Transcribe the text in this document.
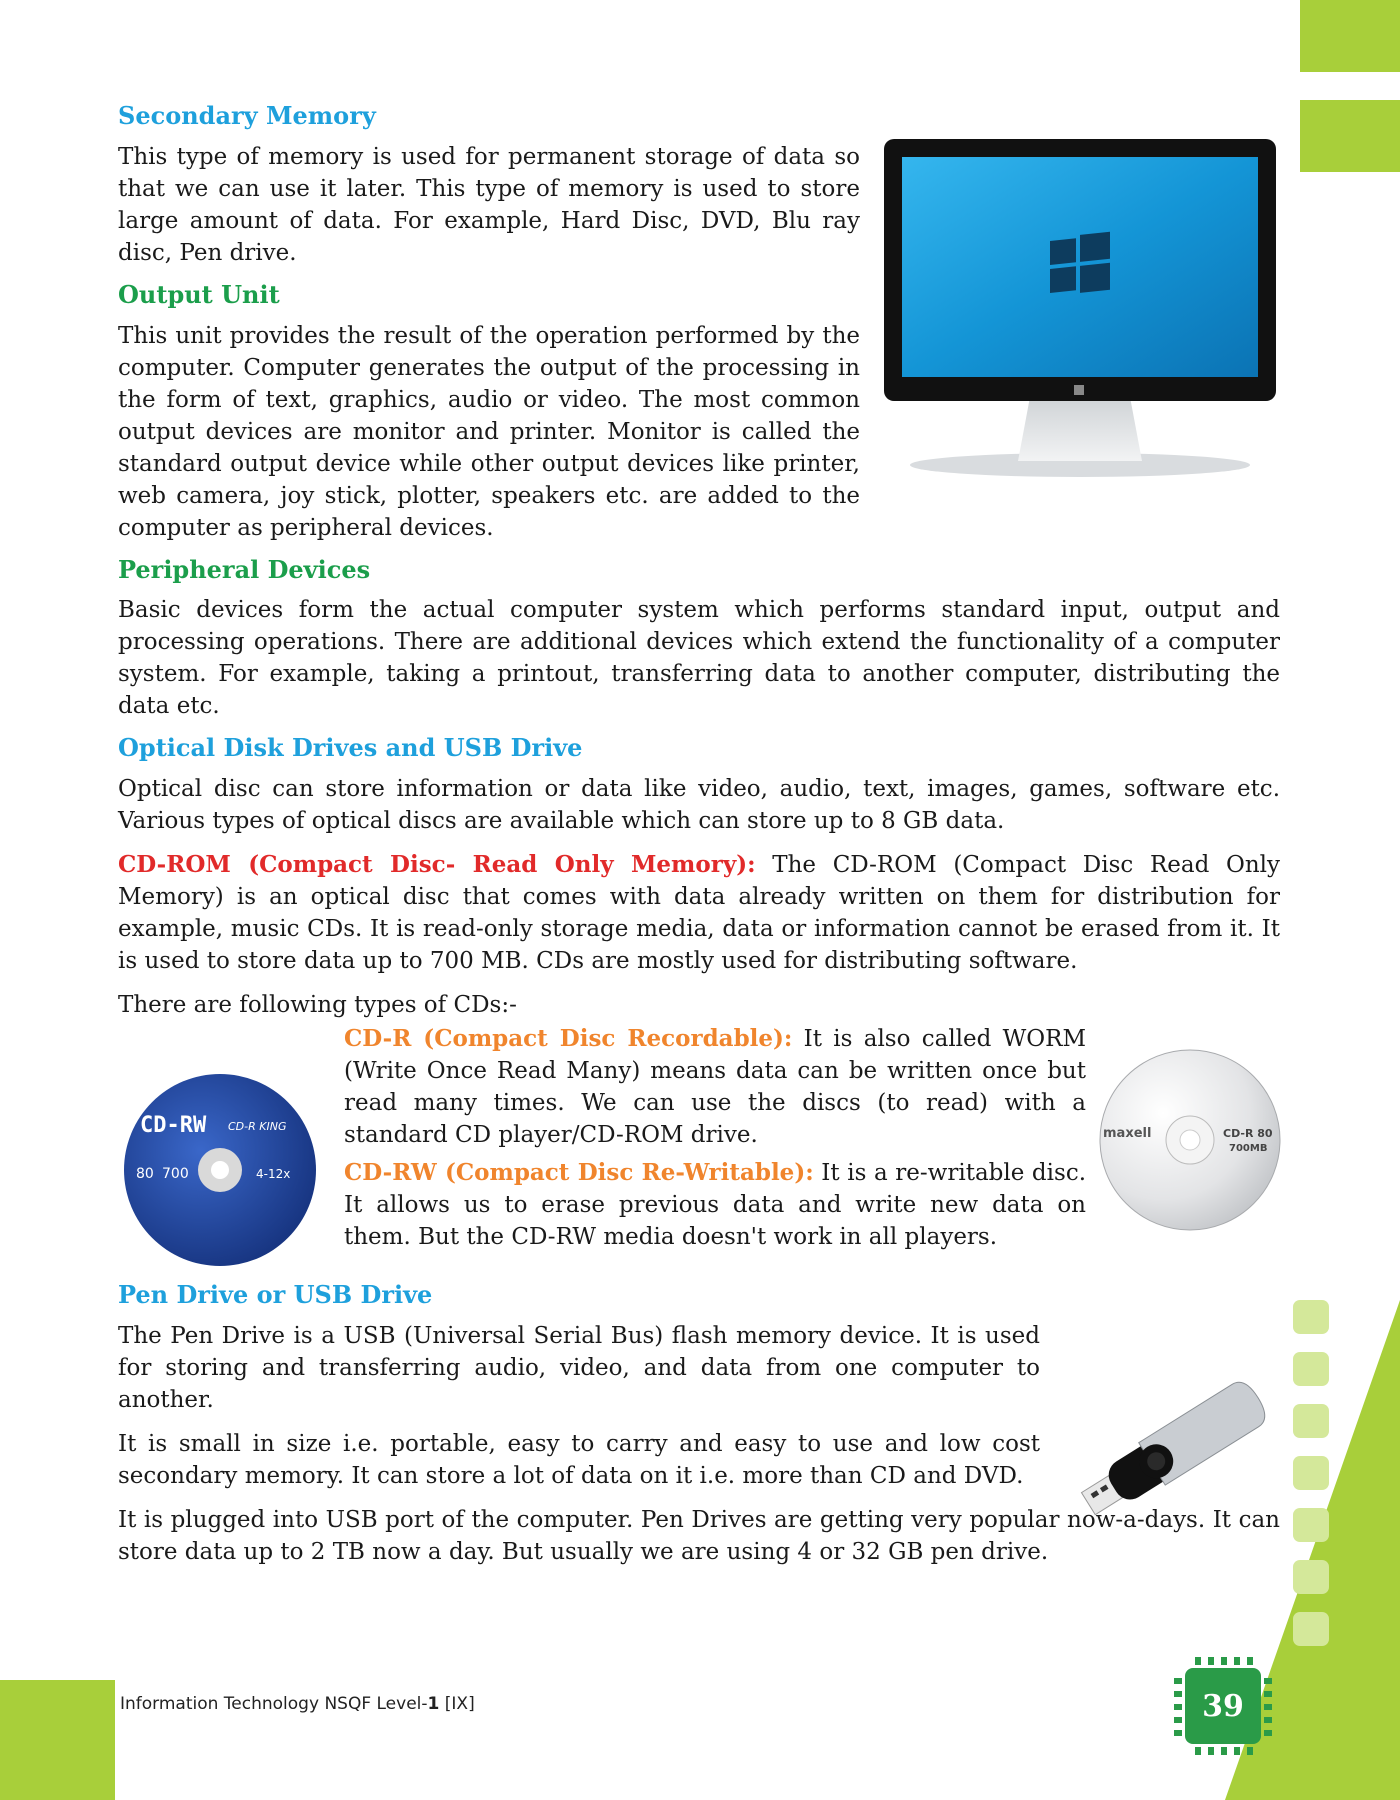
CD-RW CD-R KING
80 700	4-12x
maxell	CD-R 80
700MB
39
Secondary Memory

This type of memory is used for permanent storage of data so that we can use it later. This type of memory is used to store large amount of data. For example, Hard Disc, DVD, Blu ray disc, Pen drive.

Output Unit

This unit provides the result of the operation performed by the computer. Computer generates the output of the processing in the form of text, graphics, audio or video. The most common output devices are monitor and printer. Monitor is called the standard output device while other output devices like printer, web camera, joy stick, plotter, speakers etc. are added to the computer as peripheral devices.

Peripheral Devices

Basic devices form the actual computer system which performs standard input, output and processing operations. There are additional devices which extend the functionality of a computer system. For example, taking a printout, transferring data to another computer, distributing the data etc.

Optical Disk Drives and USB Drive

Optical disc can store information or data like video, audio, text, images, games, software etc. Various types of optical discs are available which can store up to 8 GB data.

CD-ROM (Compact Disc- Read Only Memory): The CD-ROM (Compact Disc Read Only Memory) is an optical disc that comes with data already written on them for distribution for example, music CDs. It is read-only storage media, data or information cannot be erased from it. It is used to store data up to 700 MB. CDs are mostly used for distributing software.

There are following types of CDs:-

CD-R (Compact Disc Recordable): It is also called WORM (Write Once Read Many) means data can be written once but read many times. We can use the discs (to read) with a standard CD player/CD-ROM drive.

CD-RW (Compact Disc Re-Writable): It is a re-writable disc. It allows us to erase previous data and write new data on them. But the CD-RW media doesn't work in all players.

Pen Drive or USB Drive

The Pen Drive is a USB (Universal Serial Bus) flash memory device. It is used for storing and transferring audio, video, and data from one computer to another.

It is small in size i.e. portable, easy to carry and easy to use and low cost secondary memory. It can store a lot of data on it i.e. more than CD and DVD.

It is plugged into USB port of the computer. Pen Drives are getting very popular now-a-days. It can store data up to 2 TB now a day. But usually we are using 4 or 32 GB pen drive.

Information Technology NSQF Level-1 [IX]
